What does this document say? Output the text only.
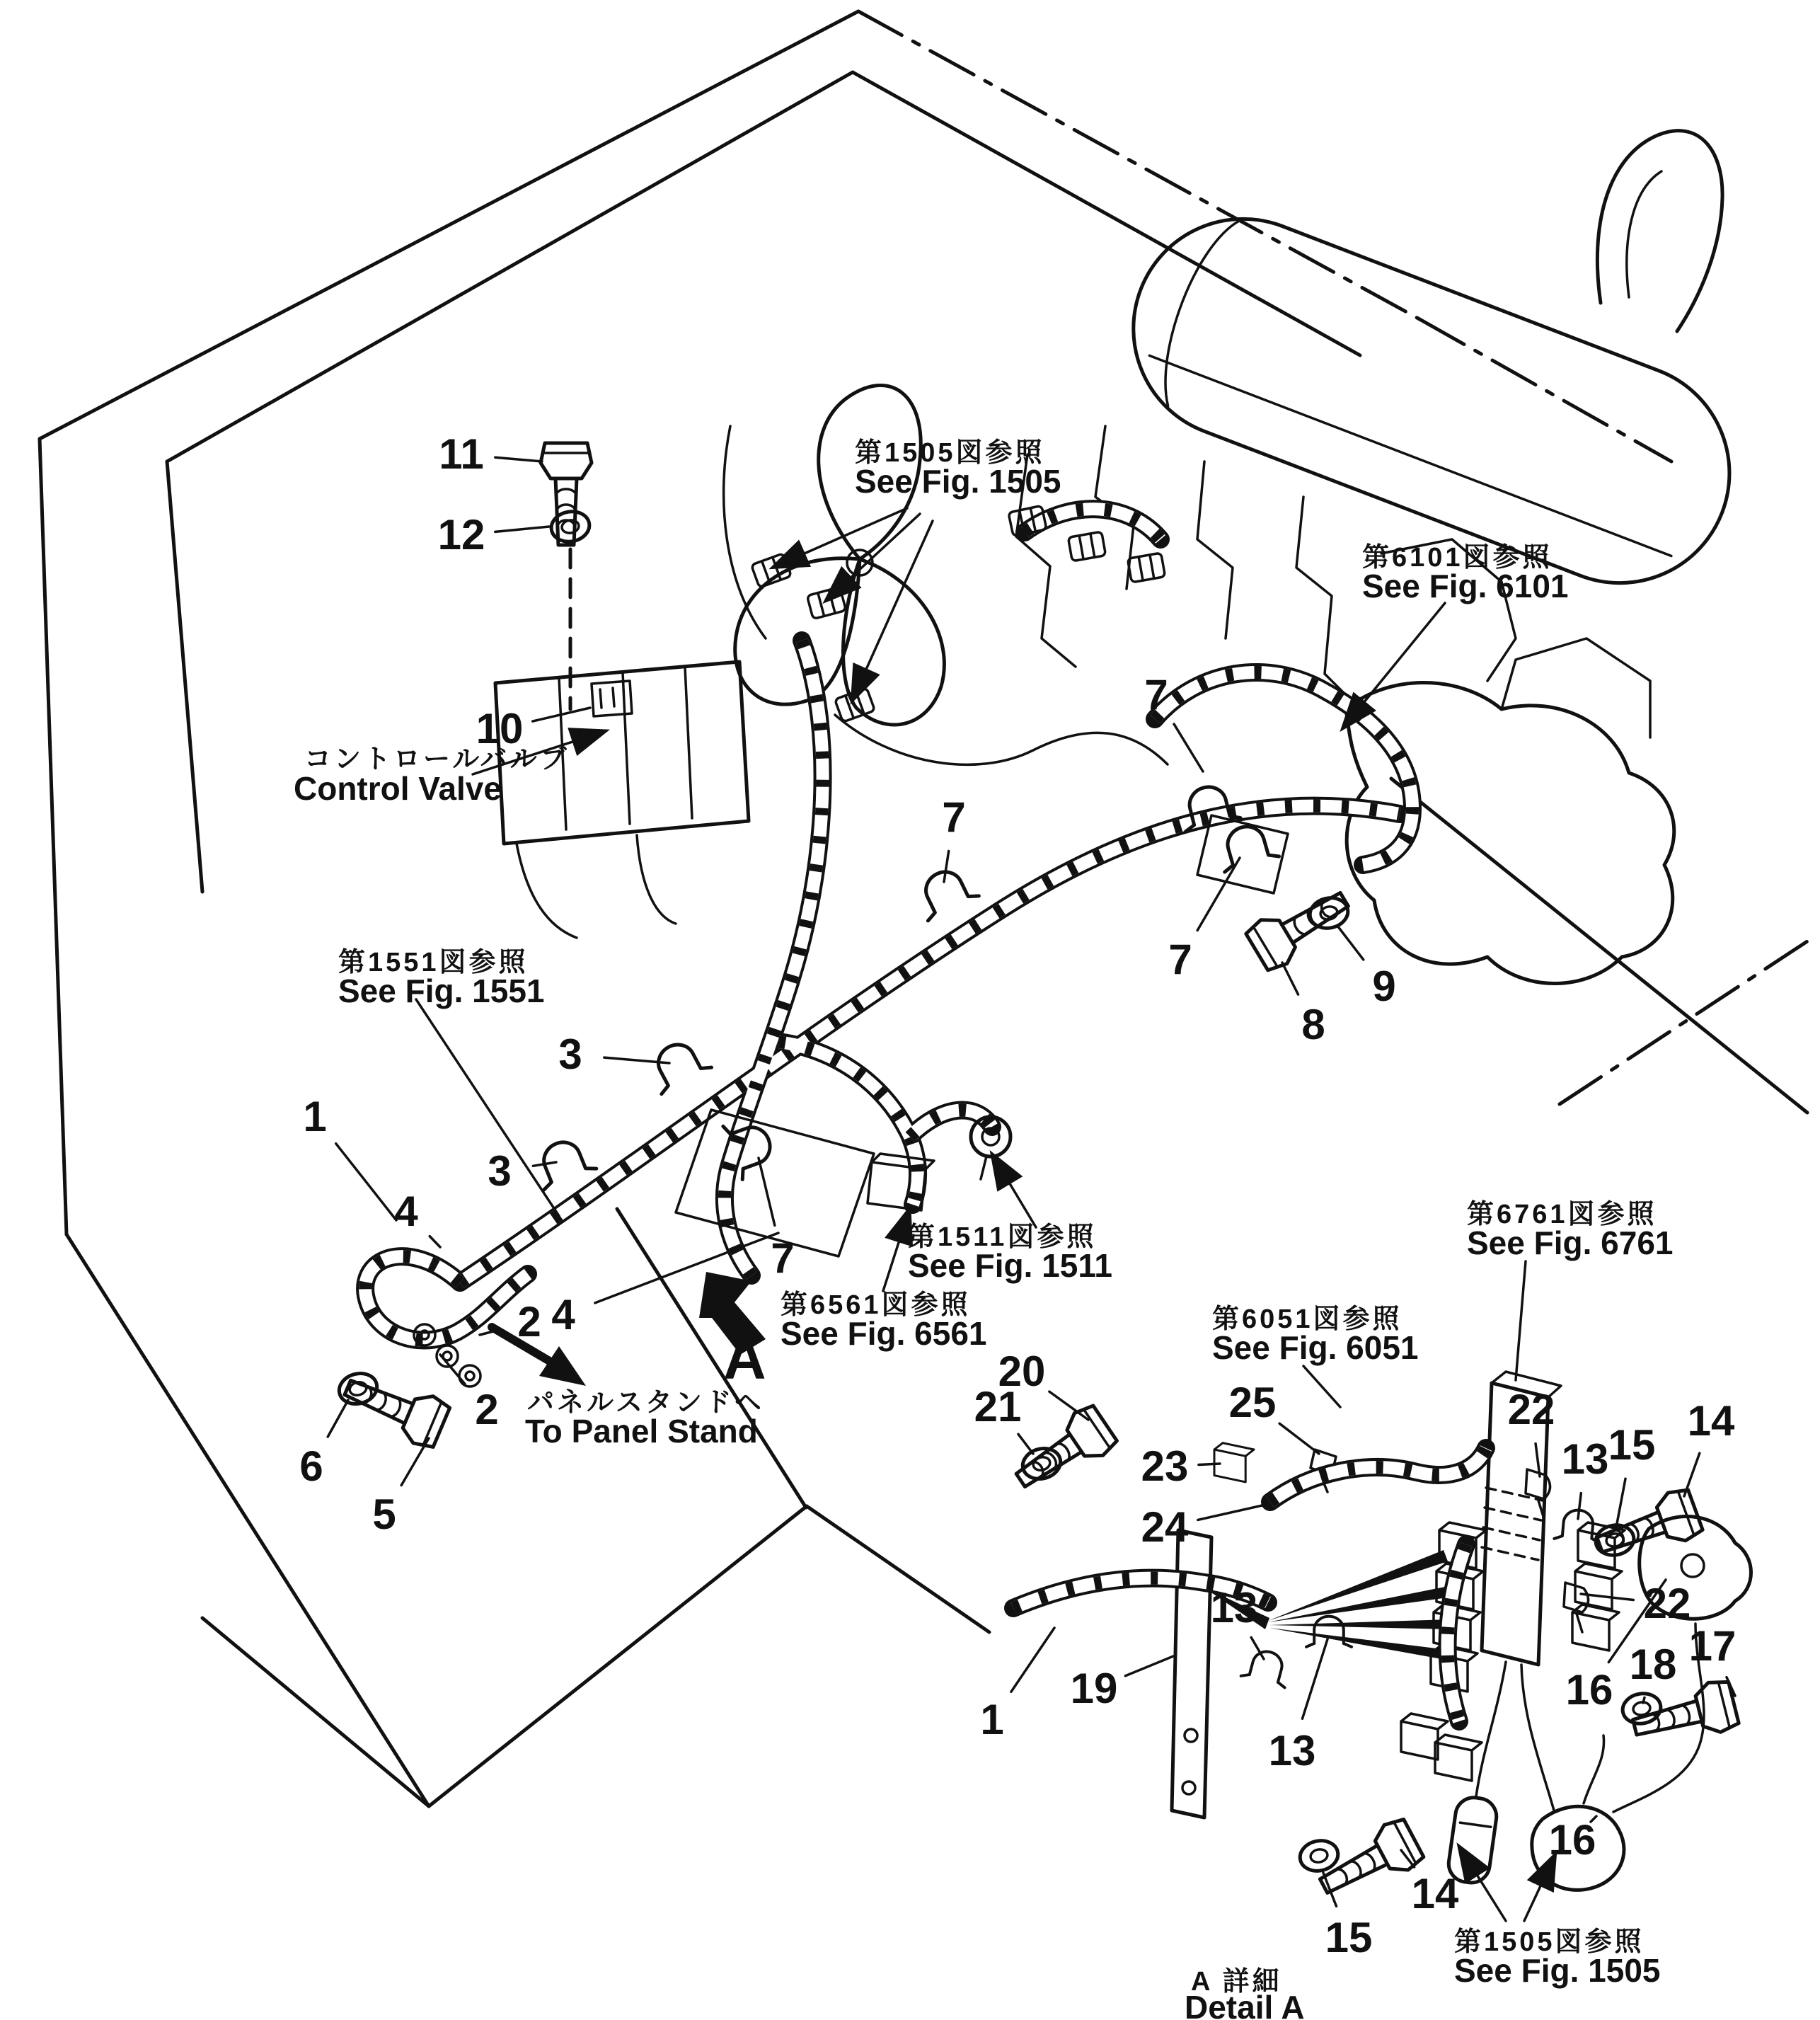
コントロールバルブ
Control Valve
パネルスタンドヘ
To Panel Stand
A 詳細
Detail A
A
1
2
2
3
3
4
4
5
6
7
7
7
7
8
9
10
11
12
13
13
13
14
14
15
15
16
16
17
18
19
1
20
21	22
22
23
24
25
第1505図参照
See Fig. 1505
第6101図参照
See Fig. 6101
第1551図参照
See Fig. 1551
第1511図参照
See Fig. 1511
第6561図参照
See Fig. 6561	第6051図参照
See Fig. 6051
第6761図参照
See Fig. 6761
第1505図参照
See Fig. 1505
